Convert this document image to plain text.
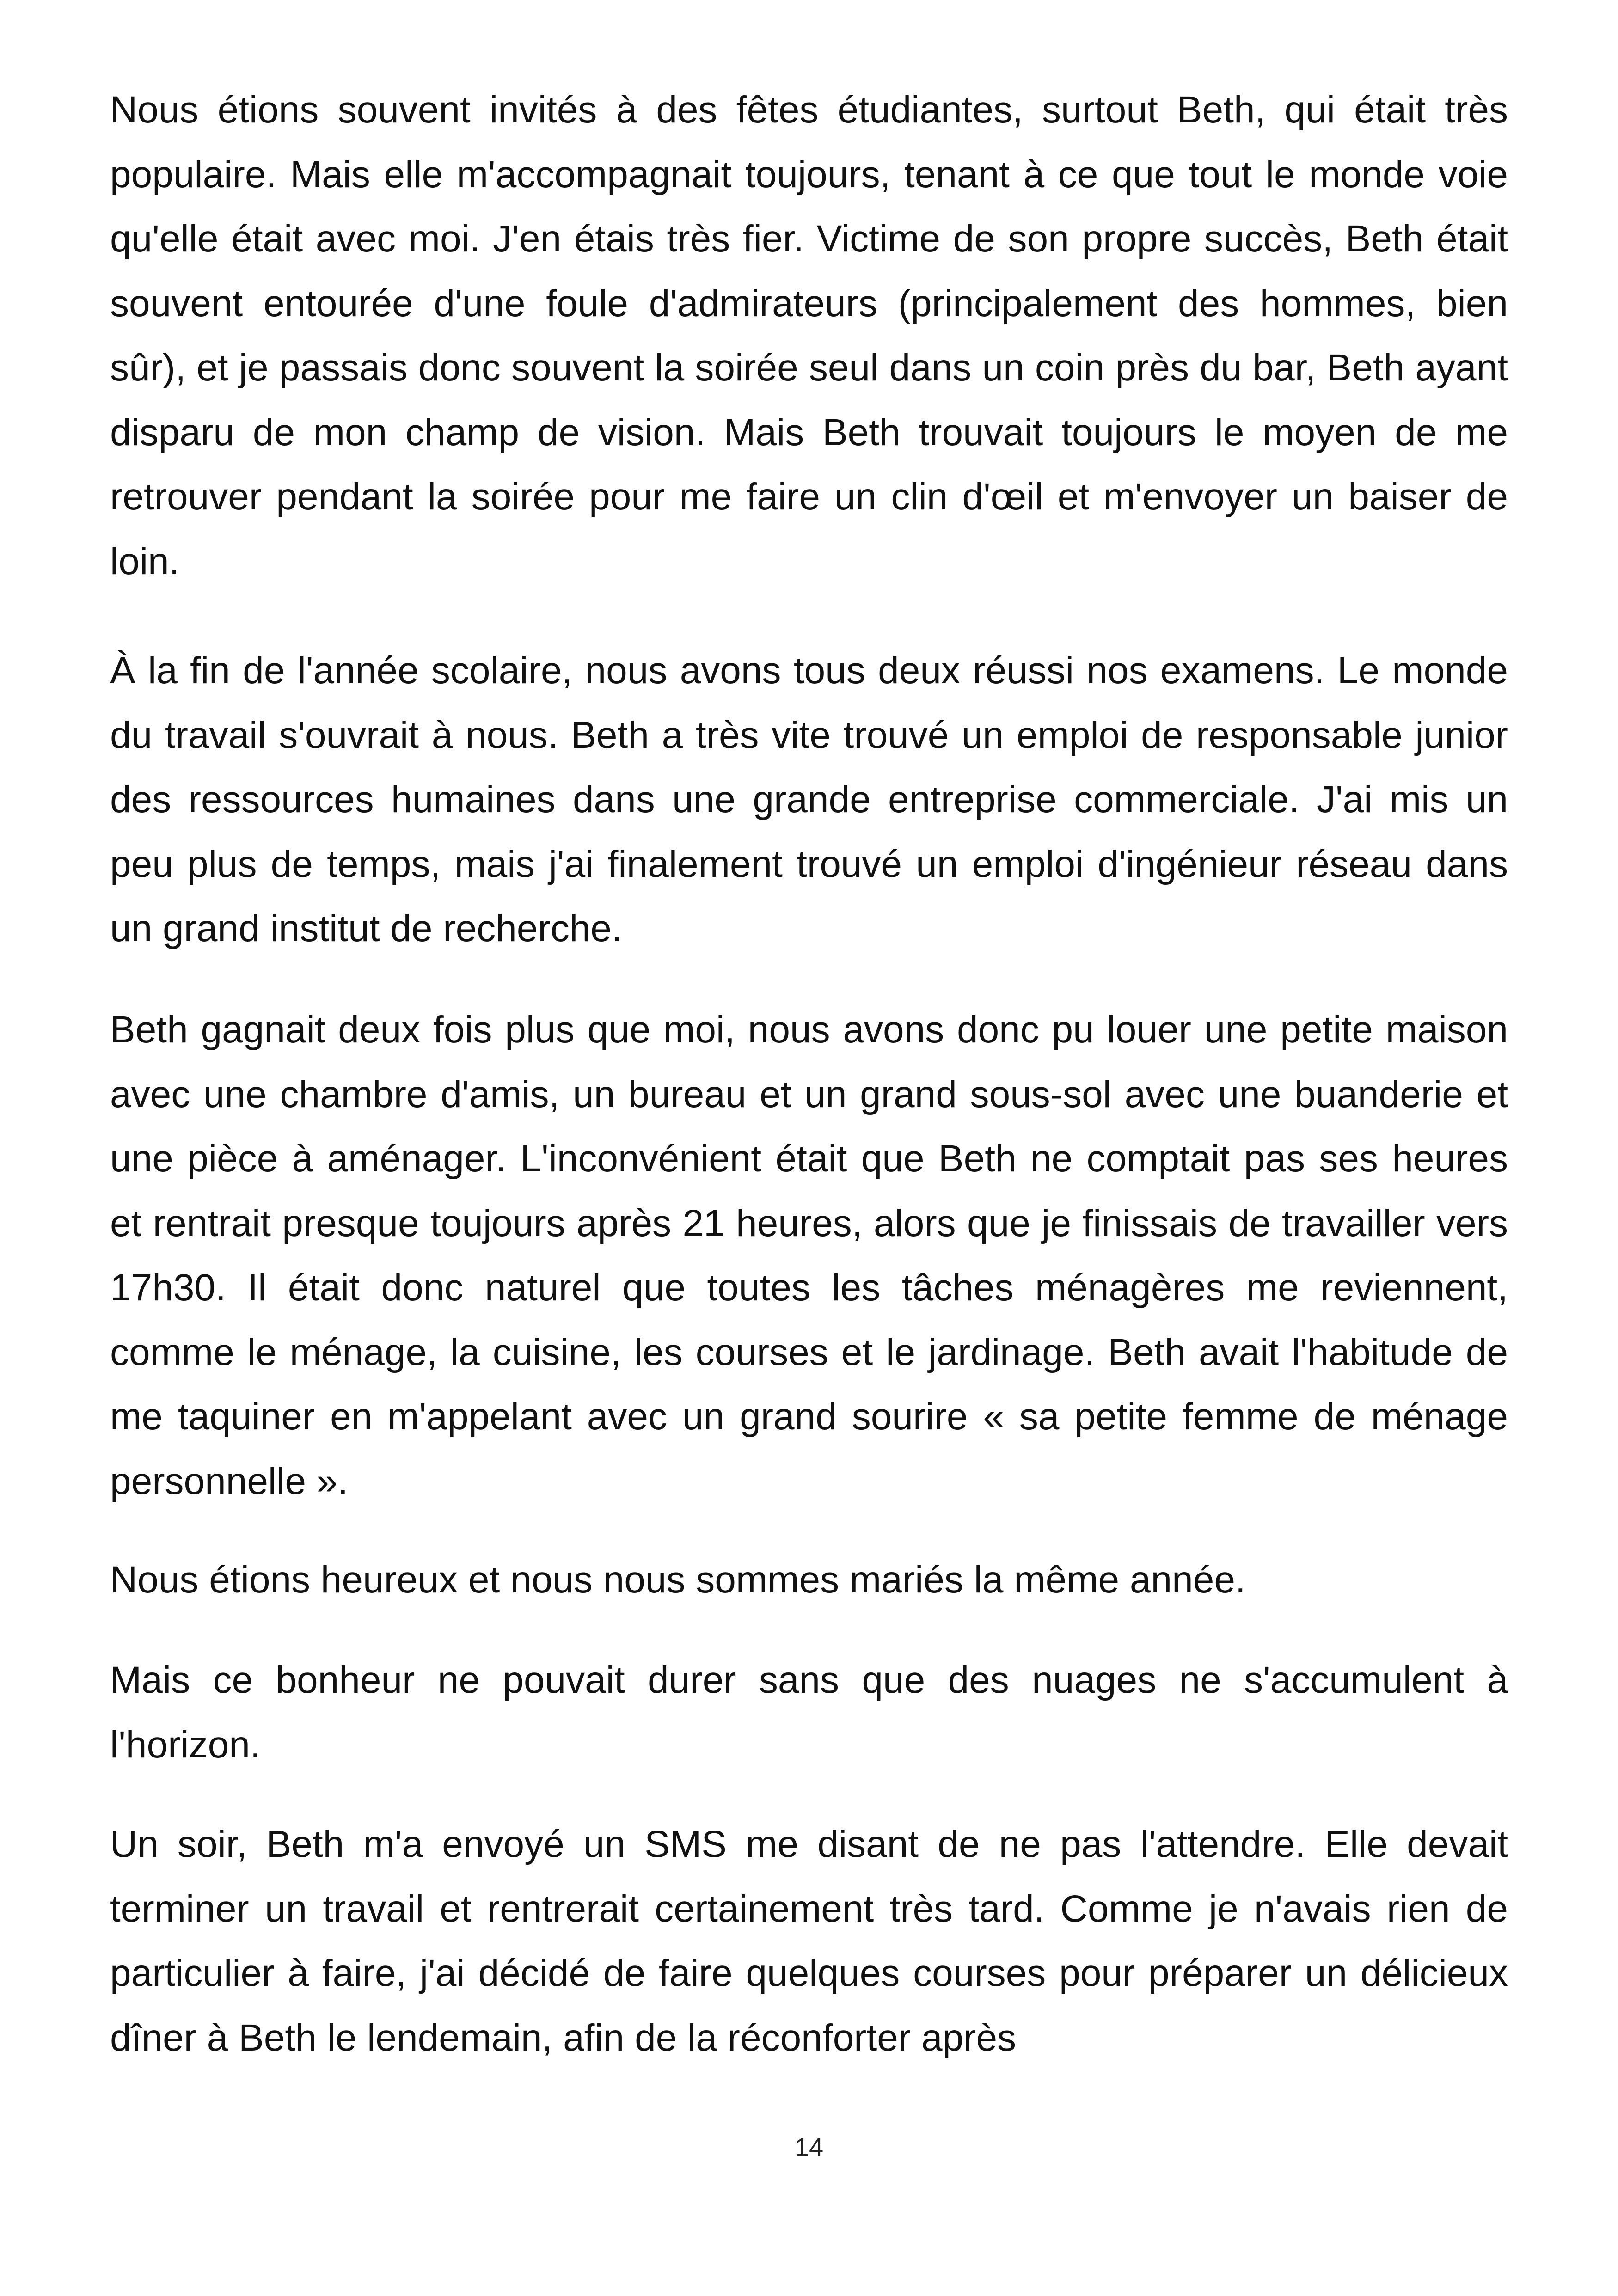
Nous étions souvent invités à des fêtes étudiantes, surtout Beth, qui était très populaire. Mais elle m'accompagnait toujours, tenant à ce que tout le monde voie qu'elle était avec moi. J'en étais très fier. Victime de son propre succès, Beth était souvent entourée d'une foule d'admirateurs (principalement des hommes, bien sûr), et je passais donc souvent la soirée seul dans un coin près du bar, Beth ayant disparu de mon champ de vision. Mais Beth trouvait toujours le moyen de me retrouver pendant la soirée pour me faire un clin d'œil et m'envoyer un baiser de loin.

À la fin de l'année scolaire, nous avons tous deux réussi nos examens. Le monde du travail s'ouvrait à nous. Beth a très vite trouvé un emploi de responsable junior des ressources humaines dans une grande entreprise commerciale. J'ai mis un peu plus de temps, mais j'ai finalement trouvé un emploi d'ingénieur réseau dans un grand institut de recherche.

Beth gagnait deux fois plus que moi, nous avons donc pu louer une petite maison avec une chambre d'amis, un bureau et un grand sous-sol avec une buanderie et une pièce à aménager. L'inconvénient était que Beth ne comptait pas ses heures et rentrait presque toujours après 21 heures, alors que je finissais de travailler vers 17h30. Il était donc naturel que toutes les tâches ménagères me reviennent, comme le ménage, la cuisine, les courses et le jardinage. Beth avait l'habitude de me taquiner en m'appelant avec un grand sourire « sa petite femme de ménage personnelle ».

Nous étions heureux et nous nous sommes mariés la même année.

Mais ce bonheur ne pouvait durer sans que des nuages ne s'accumulent à l'horizon.

Un soir, Beth m'a envoyé un SMS me disant de ne pas l'attendre. Elle devait terminer un travail et rentrerait certainement très tard. Comme je n'avais rien de particulier à faire, j'ai décidé de faire quelques courses pour préparer un délicieux dîner à Beth le lendemain, afin de la réconforter après

14
